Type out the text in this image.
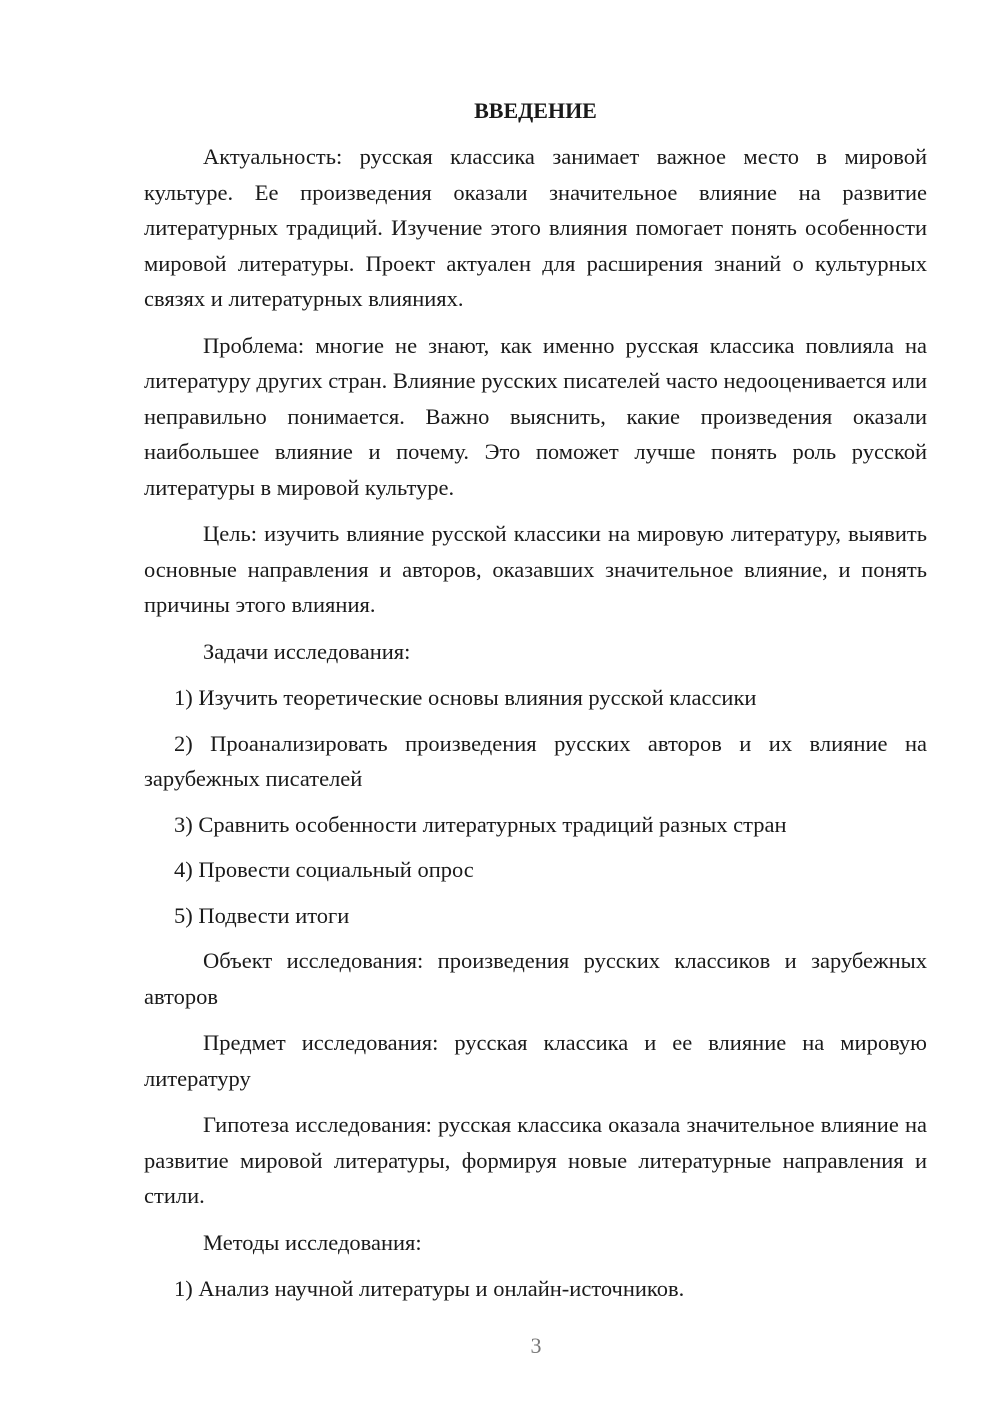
ВВЕДЕНИЕ

Актуальность: русская классика занимает важное место в мировой культуре. Ее произведения оказали значительное влияние на развитие литературных традиций. Изучение этого влияния помогает понять особенности мировой литературы. Проект актуален для расширения знаний о культурных связях и литературных влияниях.

Проблема: многие не знают, как именно русская классика повлияла на литературу других стран. Влияние русских писателей часто недооценивается или неправильно понимается. Важно выяснить, какие произведения оказали наибольшее влияние и почему. Это поможет лучше понять роль русской литературы в мировой культуре.

Цель: изучить влияние русской классики на мировую литературу, выявить основные направления и авторов, оказавших значительное влияние, и понять причины этого влияния.

Задачи исследования:

1) Изучить теоретические основы влияния русской классики

2) Проанализировать произведения русских авторов и их влияние на зарубежных писателей

3) Сравнить особенности литературных традиций разных стран

4) Провести социальный опрос

5) Подвести итоги

Объект исследования: произведения русских классиков и зарубежных авторов

Предмет исследования: русская классика и ее влияние на мировую литературу

Гипотеза исследования: русская классика оказала значительное влияние на развитие мировой литературы, формируя новые литературные направления и стили.

Методы исследования:

1) Анализ научной литературы и онлайн-источников.

3
